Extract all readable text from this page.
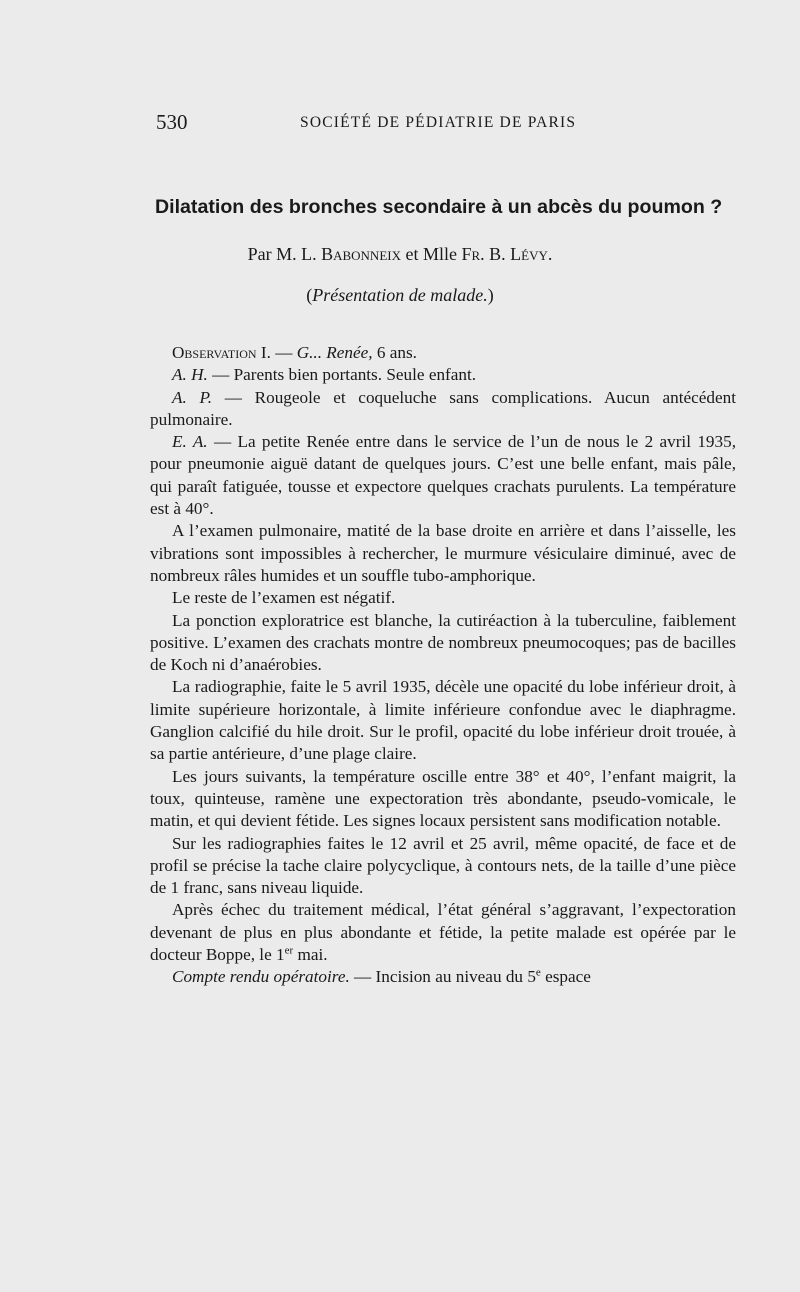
530	SOCIÉTÉ DE PÉDIATRIE DE PARIS
Dilatation des bronches secondaire à un abcès du poumon ?
Par M. L. Babonneix et Mlle Fr. B. Lévy.
(Présentation de malade.)

Observation I. — G... Renée, 6 ans.

A. H. — Parents bien portants. Seule enfant.

A. P. — Rougeole et coqueluche sans complications. Aucun antécédent pulmonaire.

E. A. — La petite Renée entre dans le service de l’un de nous le 2 avril 1935, pour pneumonie aiguë datant de quelques jours. C’est une belle enfant, mais pâle, qui paraît fatiguée, tousse et expectore quelques crachats purulents. La température est à 40°.

A l’examen pulmonaire, matité de la base droite en arrière et dans l’aisselle, les vibrations sont impossibles à rechercher, le murmure vésiculaire diminué, avec de nombreux râles humides et un souffle tubo-amphorique.

Le reste de l’examen est négatif.

La ponction exploratrice est blanche, la cutiréaction à la tuberculine, faiblement positive. L’examen des crachats montre de nombreux pneumocoques; pas de bacilles de Koch ni d’anaérobies.

La radiographie, faite le 5 avril 1935, décèle une opacité du lobe inférieur droit, à limite supérieure horizontale, à limite inférieure confondue avec le diaphragme. Ganglion calcifié du hile droit. Sur le profil, opacité du lobe inférieur droit trouée, à sa partie antérieure, d’une plage claire.

Les jours suivants, la température oscille entre 38° et 40°, l’enfant maigrit, la toux, quinteuse, ramène une expectoration très abondante, pseudo-vomicale, le matin, et qui devient fétide. Les signes locaux persistent sans modification notable.

Sur les radiographies faites le 12 avril et 25 avril, même opacité, de face et de profil se précise la tache claire polycyclique, à contours nets, de la taille d’une pièce de 1 franc, sans niveau liquide.

Après échec du traitement médical, l’état général s’aggravant, l’expectoration devenant de plus en plus abondante et fétide, la petite malade est opérée par le docteur Boppe, le 1er mai.

Compte rendu opératoire. — Incision au niveau du 5e espace
